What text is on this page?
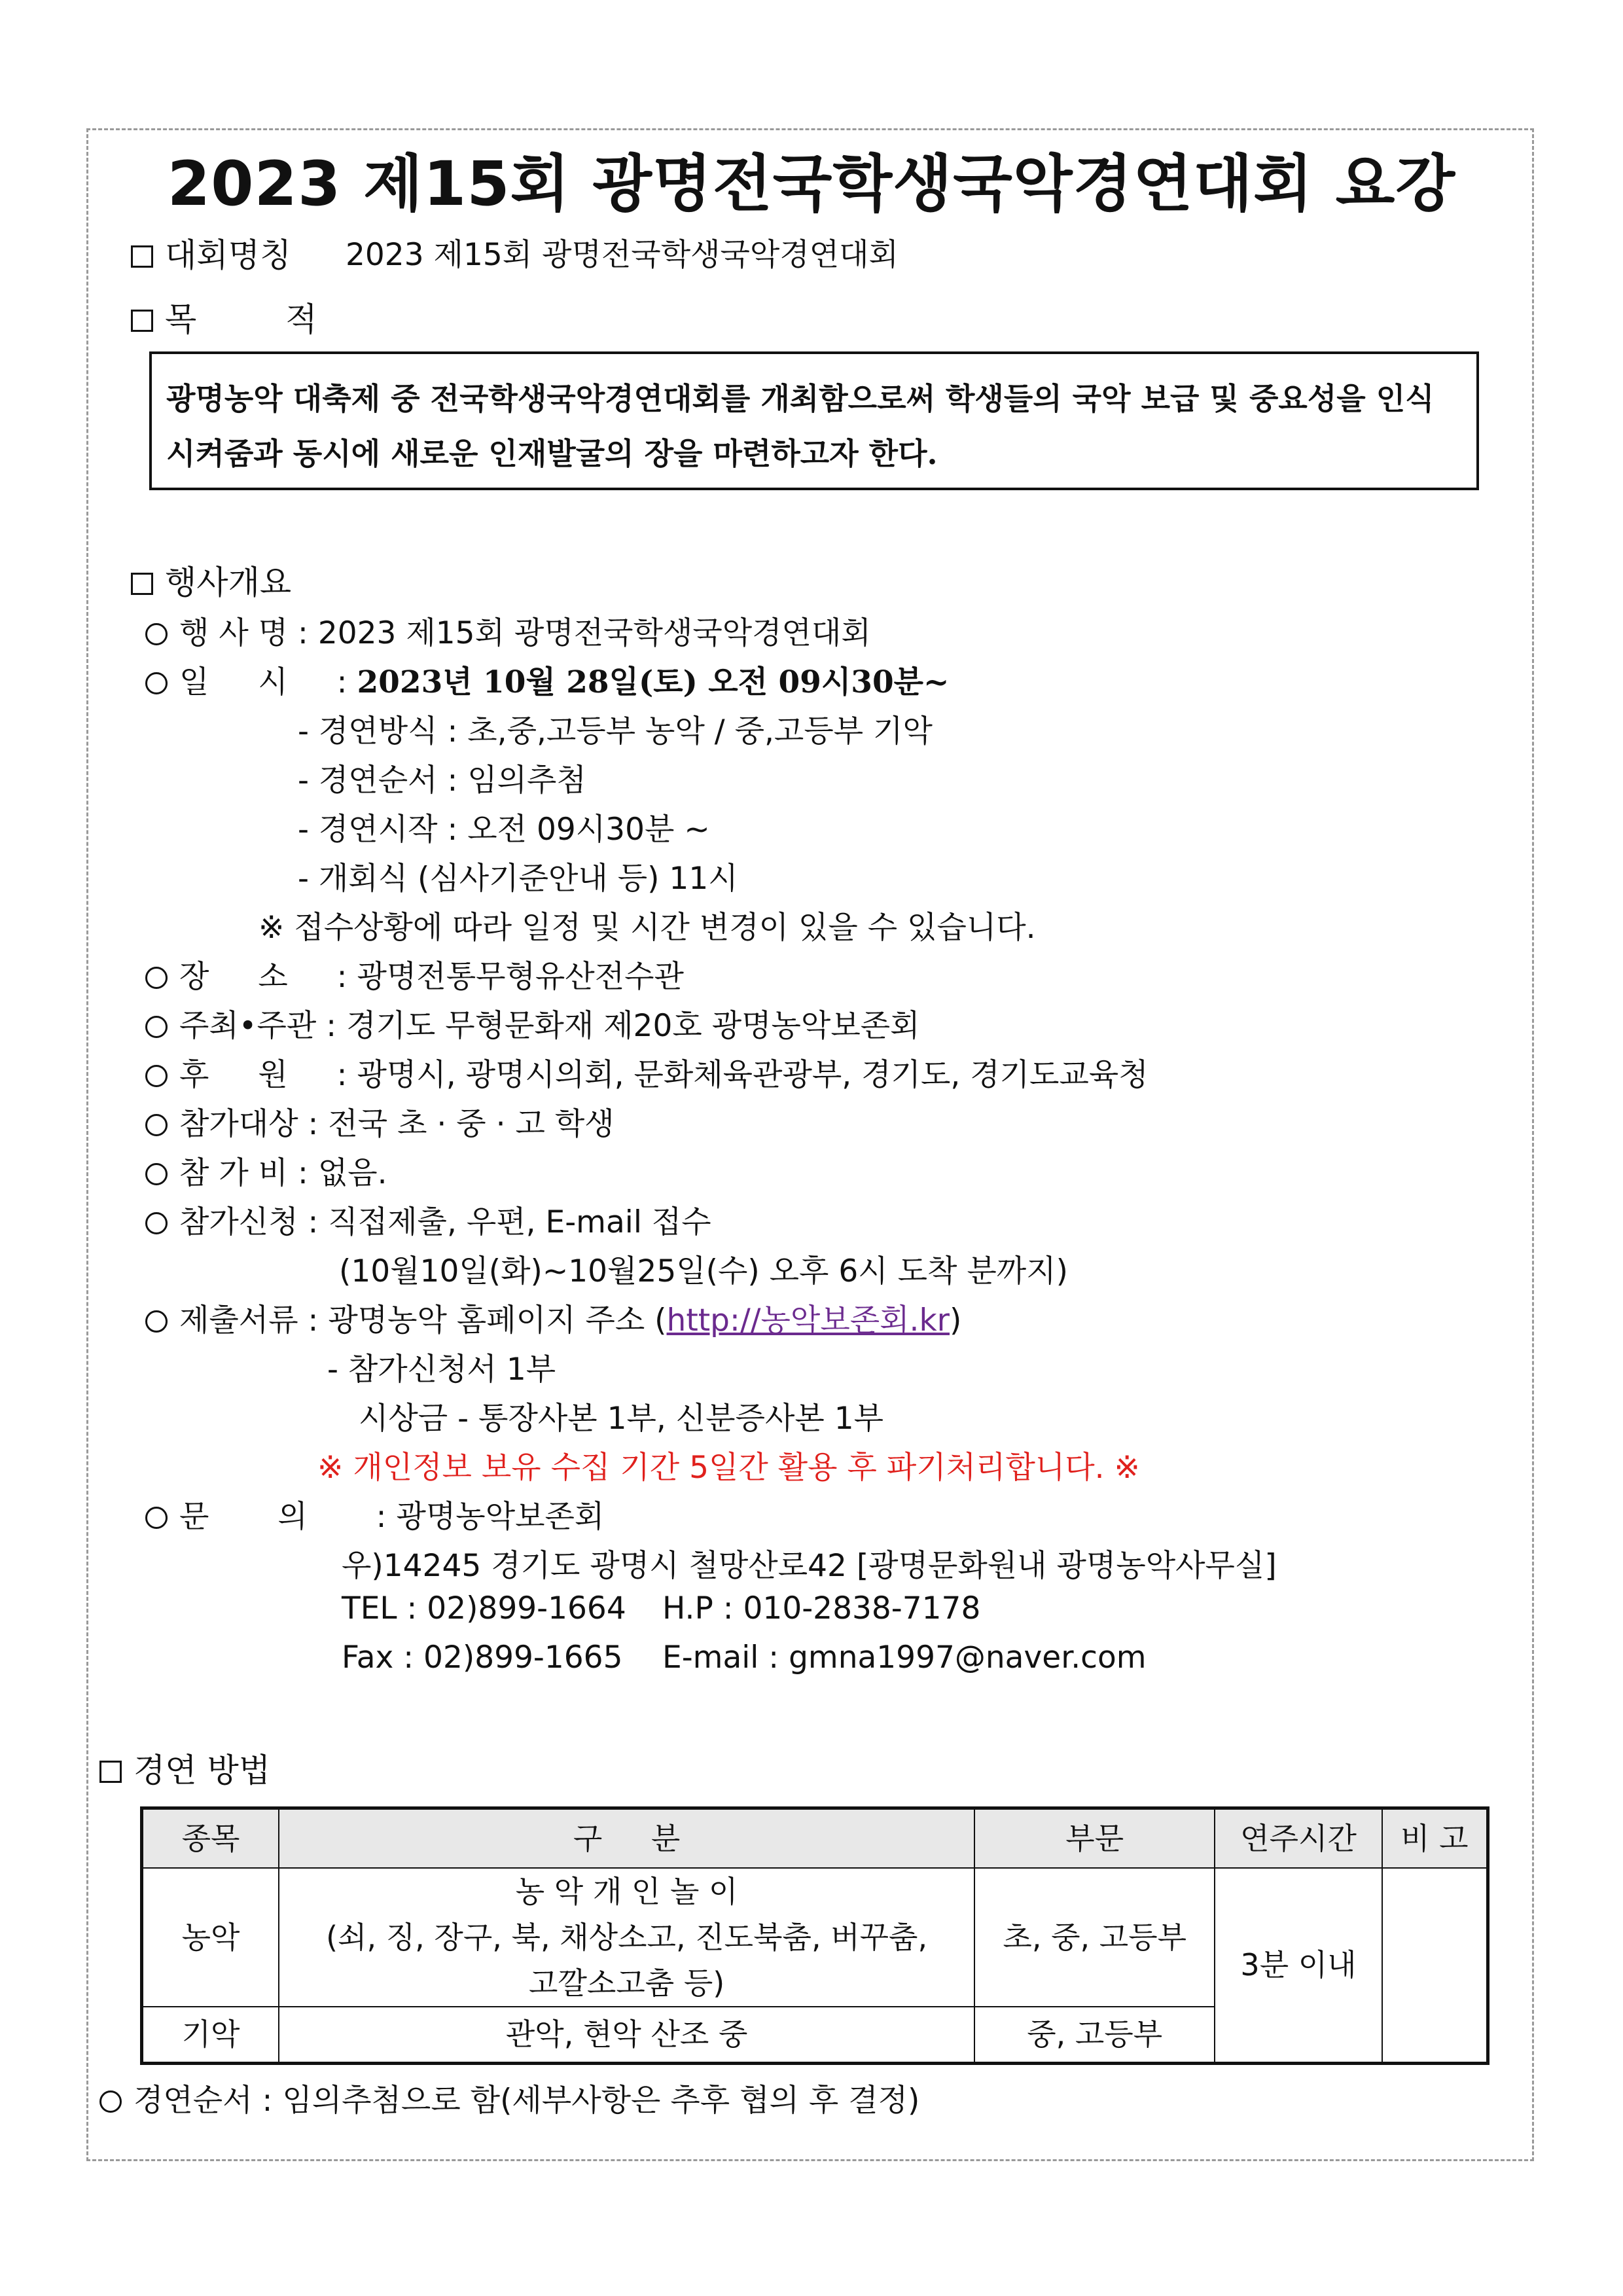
2023 제15회 광명전국학생국악경연대회 요강
대회명칭 2023 제15회 광명전국학생국악경연대회
목 적
광명농악 대축제 중 전국학생국악경연대회를 개최함으로써 학생들의 국악 보급 및 중요성을 인식시켜줌과 동시에 새로운 인재발굴의 장을 마련하고자 한다.
행사개요
행 사 명 : 2023 제15회 광명전국학생국악경연대회
일 시 : 2023년 10월 28일(토) 오전 09시30분~
- 경연방식 : 초,중,고등부 농악 / 중,고등부 기악
- 경연순서 : 임의추첨
- 경연시작 : 오전 09시30분 ~
- 개회식 (심사기준안내 등) 11시
※ 접수상황에 따라 일정 및 시간 변경이 있을 수 있습니다.
장 소 : 광명전통무형유산전수관
주최•주관 : 경기도 무형문화재 제20호 광명농악보존회
후 원 : 광명시, 광명시의회, 문화체육관광부, 경기도, 경기도교육청
참가대상 : 전국 초 · 중 · 고 학생
참 가 비 : 없음.
참가신청 : 직접제출, 우편, E-mail 접수
(10월10일(화)~10월25일(수) 오후 6시 도착 분까지)
제출서류 : 광명농악 홈페이지 주소 (http://농악보존회.kr)
- 참가신청서 1부
시상금 - 통장사본 1부, 신분증사본 1부
※ 개인정보 보유 수집 기간 5일간 활용 후 파기처리합니다. ※
문 의 : 광명농악보존회
우)14245 경기도 광명시 철망산로42 [광명문화원내 광명농악사무실]
TEL : 02)899-1664 H.P : 010-2838-7178
Fax : 02)899-1665 E-mail : gmna1997@naver.com
경연 방법
종목	구 분	부문	연주시간	비 고
농악	농 악 개 인 놀 이
(쇠, 징, 장구, 북, 채상소고, 진도북춤, 버꾸춤,
고깔소고춤 등)	초, 중, 고등부	3분 이내	
기악	관악, 현악 산조 중	중, 고등부		
경연순서 : 임의추첨으로 함(세부사항은 추후 협의 후 결정)
